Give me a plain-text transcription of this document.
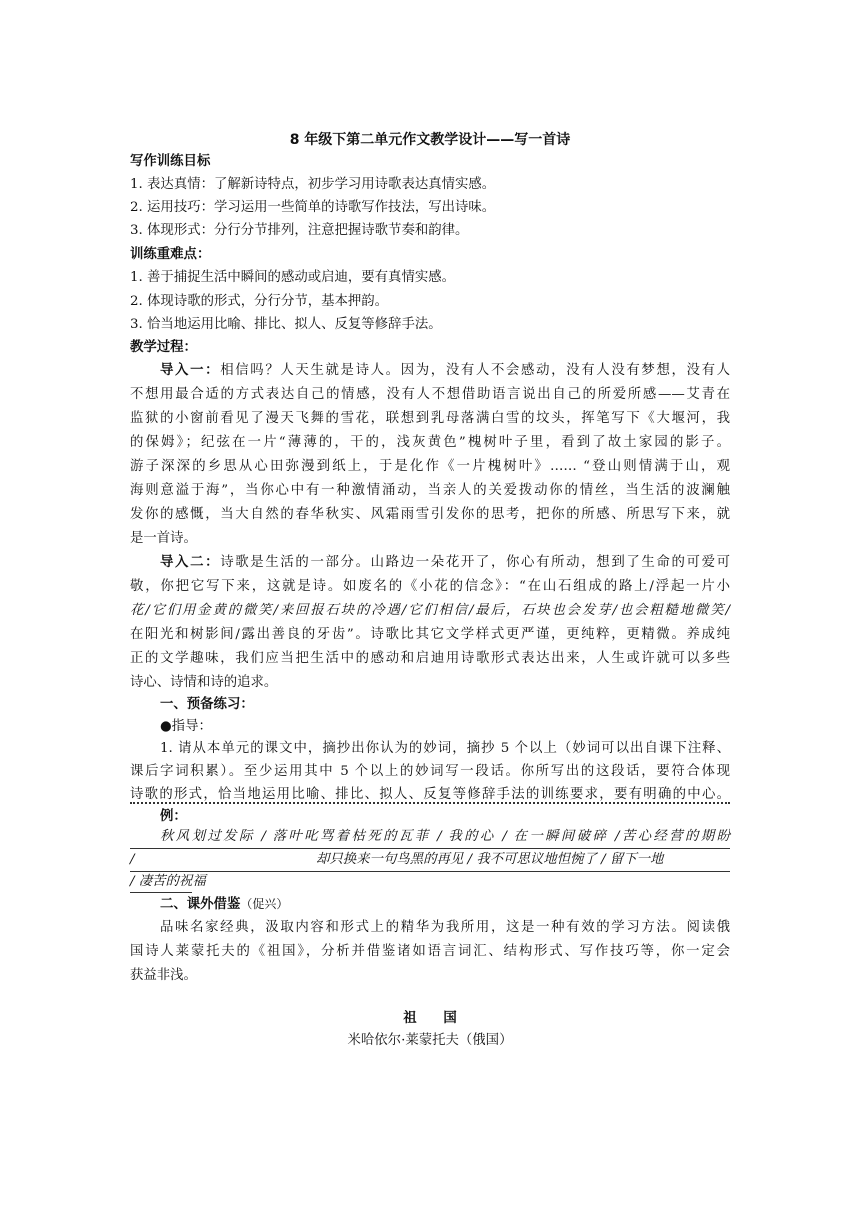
8 年级下第二单元作文教学设计——写一首诗
写作训练目标
1. 表达真情：了解新诗特点，初步学习用诗歌表达真情实感。
2. 运用技巧：学习运用一些简单的诗歌写作技法，写出诗味。
3. 体现形式：分行分节排列，注意把握诗歌节奏和韵律。
训练重难点：
1. 善于捕捉生活中瞬间的感动或启迪，要有真情实感。
2. 体现诗歌的形式，分行分节，基本押韵。
3. 恰当地运用比喻、排比、拟人、反复等修辞手法。
教学过程：
导入一：相信吗？人天生就是诗人。因为，没有人不会感动，没有人没有梦想，没有人
不想用最合适的方式表达自己的情感，没有人不想借助语言说出自己的所爱所感——艾青在
监狱的小窗前看见了漫天飞舞的雪花，联想到乳母落满白雪的坟头，挥笔写下《大堰河，我
的保姆》；纪弦在一片“薄薄的，干的，浅灰黄色”槐树叶子里，看到了故土家园的影子。
游子深深的乡思从心田弥漫到纸上，于是化作《一片槐树叶》…… “登山则情满于山，观
海则意溢于海”，当你心中有一种激情涌动，当亲人的关爱拨动你的情丝，当生活的波澜触
发你的感慨，当大自然的春华秋实、风霜雨雪引发你的思考，把你的所感、所思写下来，就
是一首诗。
导入二：诗歌是生活的一部分。山路边一朵花开了，你心有所动，想到了生命的可爱可
敬，你把它写下来，这就是诗。如废名的《小花的信念》：“在山石组成的路上/浮起一片小
花/它们用金黄的微笑/来回报石块的冷遇/它们相信/最后，石块也会发芽/也会粗糙地微笑/
在阳光和树影间/露出善良的牙齿”。诗歌比其它文学样式更严谨，更纯粹，更精微。养成纯
正的文学趣味，我们应当把生活中的感动和启迪用诗歌形式表达出来，人生或许就可以多些
诗心、诗情和诗的追求。
一、预备练习：
●指导：
1. 请从本单元的课文中，摘抄出你认为的妙词，摘抄 5 个以上（妙词可以出自课下注释、
课后字词积累）。至少运用其中 5 个以上的妙词写一段话。你所写出的这段话，要符合体现
诗歌的形式，恰当地运用比喻、排比、拟人、反复等修辞手法的训练要求，要有明确的中心。
例：
秋风划过发际 / 落叶叱骂着枯死的瓦菲 / 我的心 / 在一瞬间破碎 /苦心经营的期盼
/	却只换来一句鸟黑的再见 / 我不可思议地怛惋了 / 留下一地
/ 凄苦的祝福
二、课外借鉴（促兴）
品味名家经典，汲取内容和形式上的精华为我所用，这是一种有效的学习方法。阅读俄
国诗人莱蒙托夫的《祖国》，分析并借鉴诸如语言词汇、结构形式、写作技巧等，你一定会
获益非浅。
祖　　国
米哈依尔·莱蒙托夫（俄国）
